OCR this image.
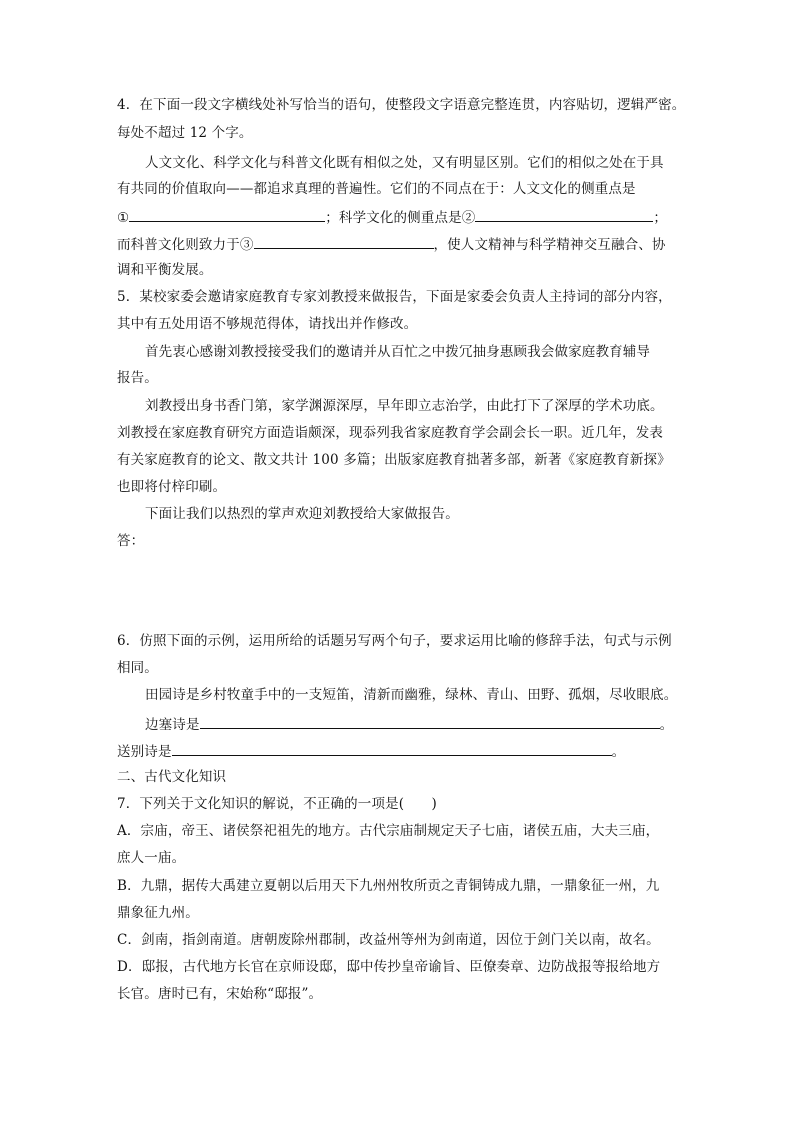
4．在下面一段文字横线处补写恰当的语句，使整段文字语意完整连贯，内容贴切，逻辑严密。
每处不超过 12 个字。
人文文化、科学文化与科普文化既有相似之处，又有明显区别。它们的相似之处在于具
有共同的价值取向——都追求真理的普遍性。它们的不同点在于：人文文化的侧重点是
①	；科学文化的侧重点是②	；
而科普文化则致力于③	，使人文精神与科学精神交互融合、协
调和平衡发展。
5．某校家委会邀请家庭教育专家刘教授来做报告，下面是家委会负责人主持词的部分内容，
其中有五处用语不够规范得体，请找出并作修改。
首先衷心感谢刘教授接受我们的邀请并从百忙之中拨冗抽身惠顾我会做家庭教育辅导
报告。
刘教授出身书香门第，家学渊源深厚，早年即立志治学，由此打下了深厚的学术功底。
刘教授在家庭教育研究方面造诣颇深，现忝列我省家庭教育学会副会长一职。近几年，发表
有关家庭教育的论文、散文共计 100 多篇；出版家庭教育拙著多部，新著《家庭教育新探》
也即将付梓印刷。
下面让我们以热烈的掌声欢迎刘教授给大家做报告。
答：
6．仿照下面的示例，运用所给的话题另写两个句子，要求运用比喻的修辞手法，句式与示例
相同。
田园诗是乡村牧童手中的一支短笛，清新而幽雅，绿林、青山、田野、孤烟，尽收眼底。
边塞诗是	。
送别诗是	。
二、古代文化知识
7．下列关于文化知识的解说，不正确的一项是(　　)
A．宗庙，帝王、诸侯祭祀祖先的地方。古代宗庙制规定天子七庙，诸侯五庙，大夫三庙，
庶人一庙。
B．九鼎，据传大禹建立夏朝以后用天下九州州牧所贡之青铜铸成九鼎，一鼎象征一州，九
鼎象征九州。
C．剑南，指剑南道。唐朝废除州郡制，改益州等州为剑南道，因位于剑门关以南，故名。
D．邸报，古代地方长官在京师设邸，邸中传抄皇帝谕旨、臣僚奏章、边防战报等报给地方
长官。唐时已有，宋始称“邸报”。
